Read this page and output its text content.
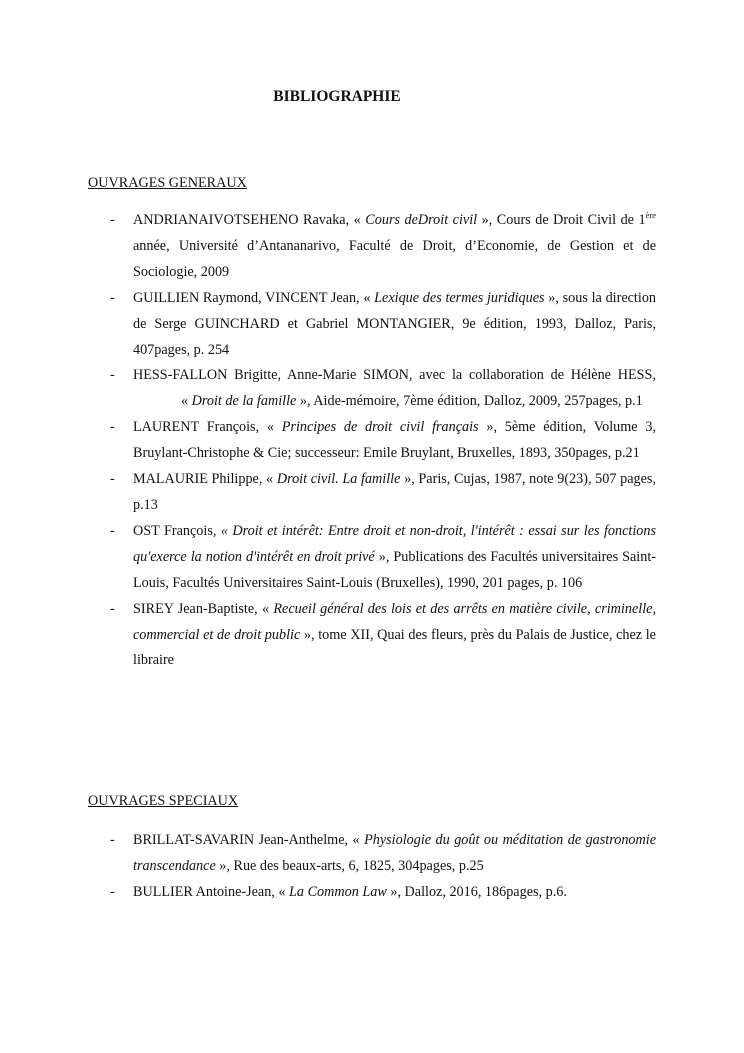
BIBLIOGRAPHIE
OUVRAGES GENERAUX
- ANDRIANAIVOTSEHENO Ravaka, « Cours deDroit civil », Cours de Droit Civil de 1ère année, Université d’Antananarivo, Faculté de Droit, d’Economie, de Gestion et de Sociologie, 2009
- GUILLIEN Raymond, VINCENT Jean, « Lexique des termes juridiques », sous la direction de Serge GUINCHARD et Gabriel MONTANGIER, 9e édition, 1993, Dalloz, Paris, 407pages, p. 254
- HESS-FALLON Brigitte, Anne-Marie SIMON, avec la collaboration de Hélène HESS,« Droit de la famille », Aide-mémoire, 7ème édition, Dalloz, 2009, 257pages, p.1
- LAURENT François, « Principes de droit civil français », 5ème édition, Volume 3, Bruylant-Christophe & Cie; successeur: Emile Bruylant, Bruxelles, 1893, 350pages, p.21
- MALAURIE Philippe, « Droit civil. La famille », Paris, Cujas, 1987, note 9(23), 507 pages, p.13
- OST François, « Droit et intérêt: Entre droit et non-droit, l'intérêt : essai sur les fonctions qu'exerce la notion d'intérêt en droit privé », Publications des Facultés universitaires Saint-Louis, Facultés Universitaires Saint-Louis (Bruxelles), 1990, 201 pages, p. 106
- SIREY Jean-Baptiste, « Recueil général des lois et des arrêts en matière civile, criminelle, commercial et de droit public », tome XII, Quai des fleurs, près du Palais de Justice, chez le libraire
OUVRAGES SPECIAUX
- BRILLAT-SAVARIN Jean-Anthelme, « Physiologie du goût ou méditation de gastronomie transcendance », Rue des beaux-arts, 6, 1825, 304pages, p.25
- BULLIER Antoine-Jean, « La Common Law », Dalloz, 2016, 186pages, p.6.
